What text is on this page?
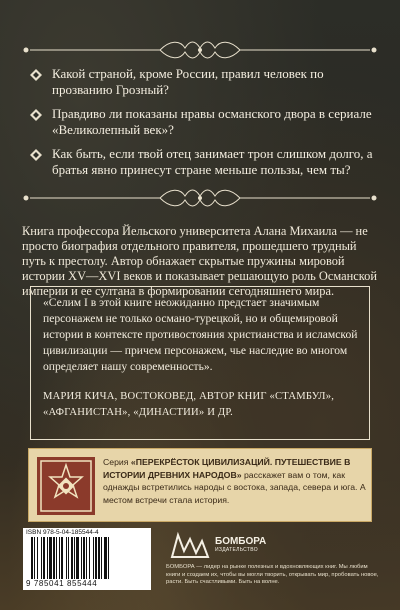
Какой страной, кроме России, правил человек по прозванию Грозный?
Правдиво ли показаны нравы османского двора в сериале «Великолепный век»?
Как быть, если твой отец занимает трон слишком долго, а братья явно принесут стране меньше пользы, чем ты?
Книга профессора Йельского университета Алана Михаила — не просто биография отдельного правителя, прошедшего трудный путь к престолу. Автор обнажает скрытые пружины мировой истории XV—XVI веков и показывает решающую роль Османской империи и ее султана в формировании сегодняшнего мира.
«Селим I в этой книге неожиданно предстает значимым персонажем не только османо-турецкой, но и общемировой истории в контексте противостояния христианства и исламской цивилизации — причем персонажем, чье наследие во многом определяет нашу современность».
МАРИЯ КИЧА, ВОСТОКОВЕД, АВТОР КНИГ «СТАМБУЛ», «АФГАНИСТАН», «ДИНАСТИИ» И ДР.
Серия «ПЕРЕКРЁСТОК ЦИВИЛИЗАЦИЙ. ПУТЕШЕСТВИЕ В ИСТОРИИ ДРЕВНИХ НАРОДОВ» расскажет вам о том, как однажды встретились народы с востока, запада, севера и юга. А местом встречи стала история.
ISBN 978-5-04-185544-4
9 785041 855444
БОМБОРА
ИЗДАТЕЛЬСТВО
БОМБОРА — лидер на рынке полезных и вдохновляющих книг. Мы любим книги и создаем их, чтобы вы могли творить, открывать мир, пробовать новое, расти. Быть счастливыми. Быть на волне.
